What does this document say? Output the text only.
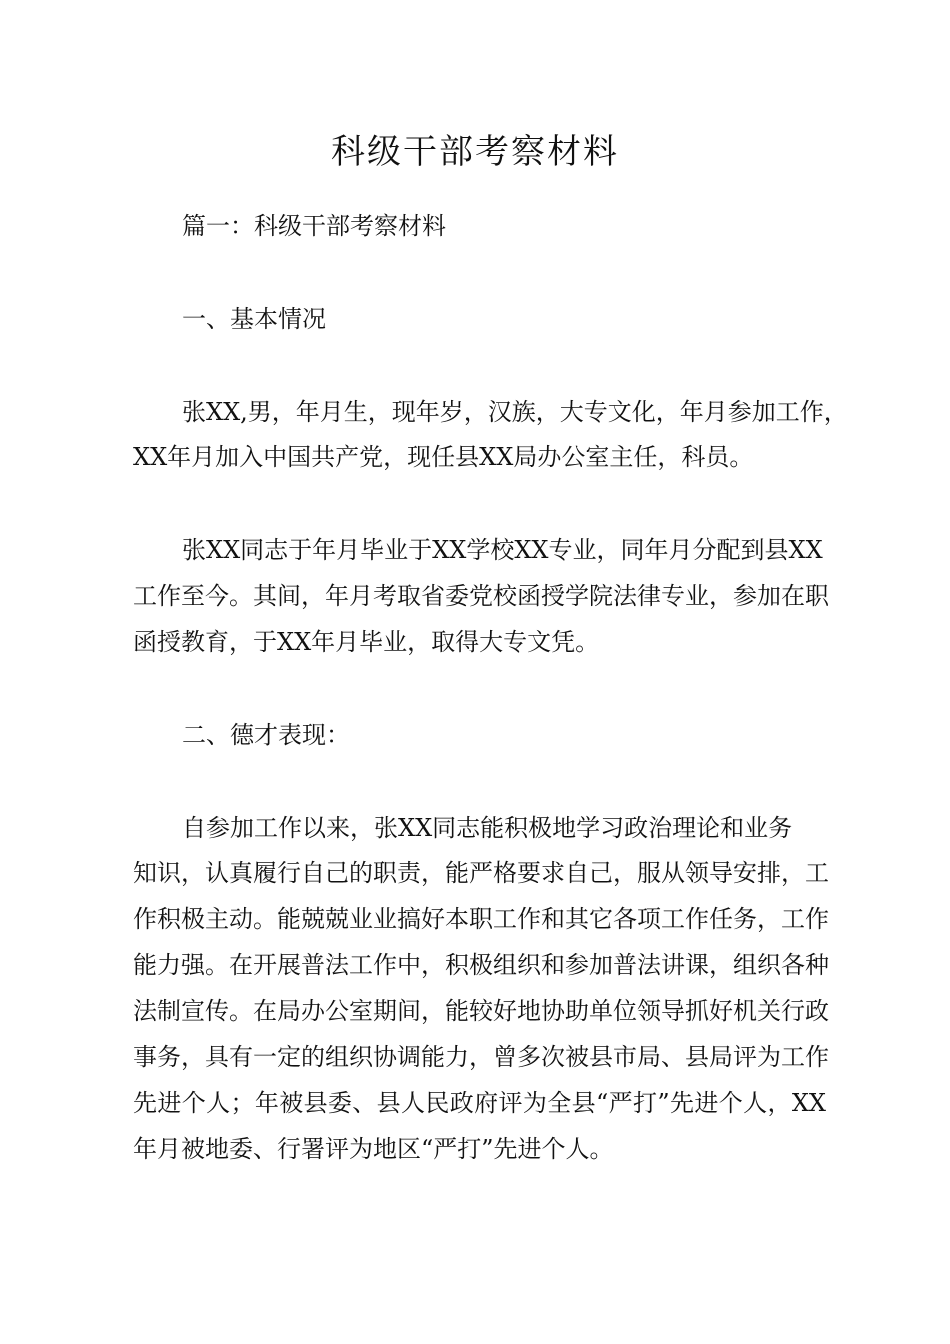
科级干部考察材料
篇一：科级干部考察材料
一、基本情况
张XX,男，年月生，现年岁，汉族，大专文化，年月参加工作，
XX年月加入中国共产党，现任县XX局办公室主任，科员。
张XX同志于年月毕业于XX学校XX专业，同年月分配到县XX
工作至今。其间，年月考取省委党校函授学院法律专业，参加在职
函授教育，于XX年月毕业，取得大专文凭。
二、德才表现：
自参加工作以来，张XX同志能积极地学习政治理论和业务
知识，认真履行自己的职责，能严格要求自己，服从领导安排，工
作积极主动。能兢兢业业搞好本职工作和其它各项工作任务，工作
能力强。在开展普法工作中，积极组织和参加普法讲课，组织各种
法制宣传。在局办公室期间，能较好地协助单位领导抓好机关行政
事务，具有一定的组织协调能力，曾多次被县市局、县局评为工作
先进个人；年被县委、县人民政府评为全县“严打”先进个人，XX
年月被地委、行署评为地区“严打”先进个人。
